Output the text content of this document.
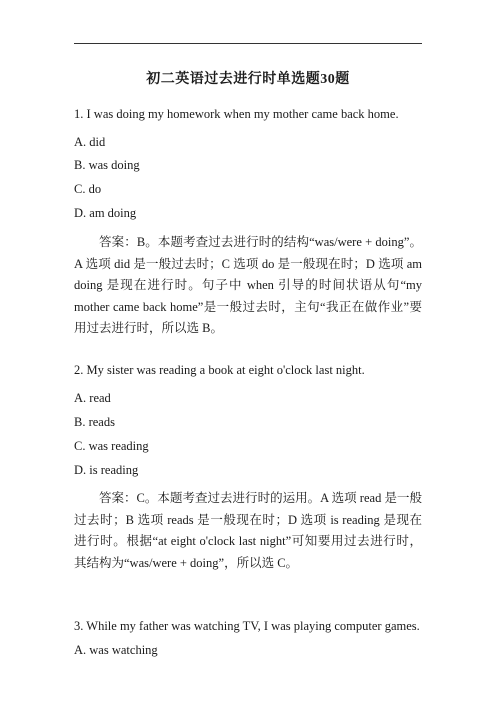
初二英语过去进行时单选题30题
1. I was doing my homework when my mother came back home.
A. did
B. was doing
C. do
D. am doing
答案：B。本题考查过去进行时的结构“was/were + doing”。A 选项 did 是一般过去时；C 选项 do 是一般现在时；D 选项 am doing 是现在进行时。句子中 when 引导的时间状语从句“my mother came back home”是一般过去时，主句“我正在做作业”要用过去进行时，所以选 B。
2. My sister was reading a book at eight o'clock last night.
A. read
B. reads
C. was reading
D. is reading
答案：C。本题考查过去进行时的运用。A 选项 read 是一般过去时；B 选项 reads 是一般现在时；D 选项 is reading 是现在进行时。根据“at eight o'clock last night”可知要用过去进行时，其结构为“was/were + doing”，所以选 C。
3. While my father was watching TV, I was playing computer games.
A. was watching
